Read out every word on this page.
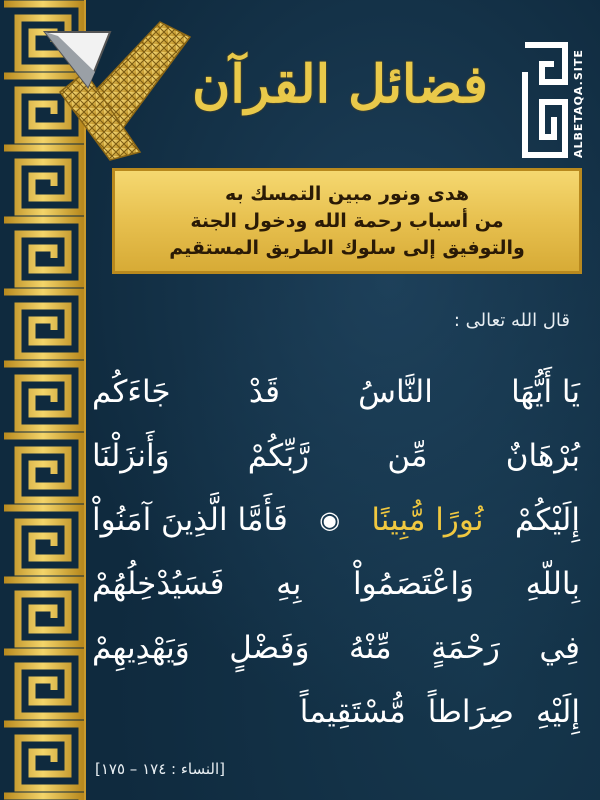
ALBETAQA.SITE
فضائل القرآن
هدى ونور مبين التمسك به
من أسباب رحمة الله ودخول الجنة
والتوفيق إلى سلوك الطريق المستقيم
قال الله تعالى :
يَا أَيُّهَا
النَّاسُ
قَدْ
جَاءَكُم
بُرْهَانٌ
مِّن
رَّبِّكُمْ
وَأَنزَلْنَا
إِلَيْكُمْ
نُورًا مُّبِينًا
◉
فَأَمَّا الَّذِينَ آمَنُواْ
بِاللّهِ
وَاعْتَصَمُواْ
بِهِ
فَسَيُدْخِلُهُمْ
فِي
رَحْمَةٍ
مِّنْهُ
وَفَضْلٍ
وَيَهْدِيهِمْ
إِلَيْهِ
صِرَاطاً
مُّسْتَقِيماً
[النساء : ١٧٤ – ١٧٥]
